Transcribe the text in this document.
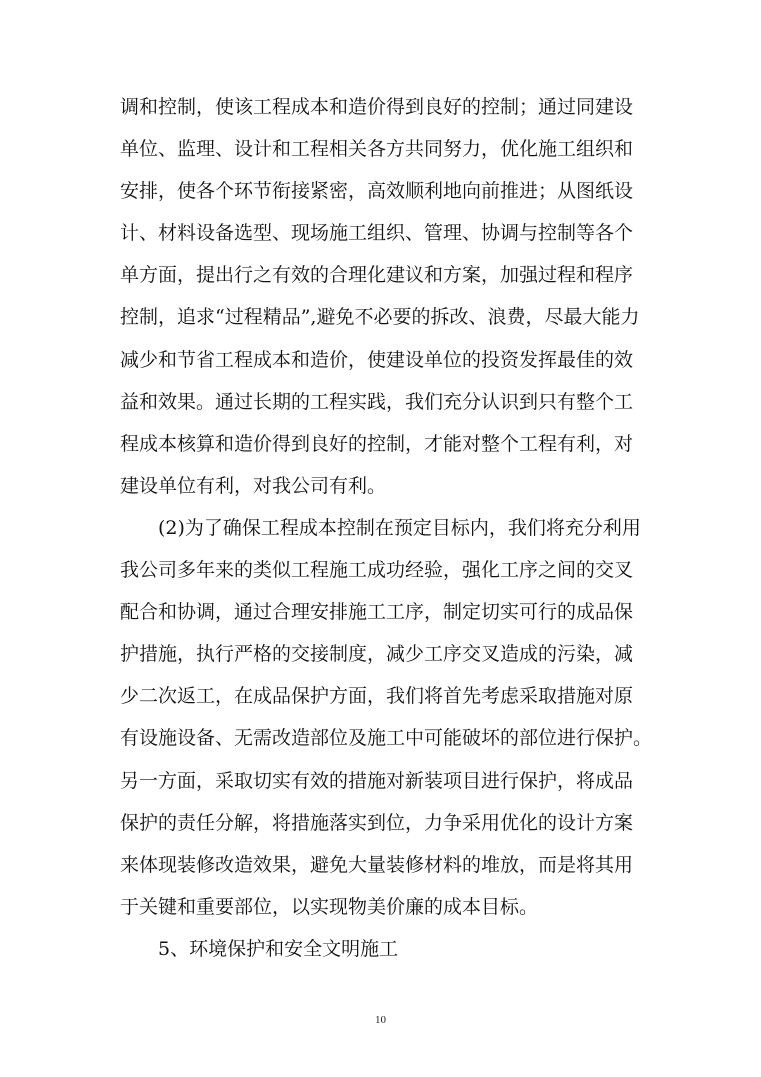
调和控制，使该工程成本和造价得到良好的控制；通过同建设
单位、监理、设计和工程相关各方共同努力，优化施工组织和
安排，使各个环节衔接紧密，高效顺利地向前推进；从图纸设
计、材料设备选型、现场施工组织、管理、协调与控制等各个
单方面，提出行之有效的合理化建议和方案，加强过程和程序
控制，追求“过程精品”,避免不必要的拆改、浪费，尽最大能力
减少和节省工程成本和造价，使建设单位的投资发挥最佳的效
益和效果。通过长期的工程实践，我们充分认识到只有整个工
程成本核算和造价得到良好的控制，才能对整个工程有利，对
建设单位有利，对我公司有利。
(2)为了确保工程成本控制在预定目标内，我们将充分利用
我公司多年来的类似工程施工成功经验，强化工序之间的交叉
配合和协调，通过合理安排施工工序，制定切实可行的成品保
护措施，执行严格的交接制度，减少工序交叉造成的污染，减
少二次返工，在成品保护方面，我们将首先考虑采取措施对原
有设施设备、无需改造部位及施工中可能破坏的部位进行保护。
另一方面，采取切实有效的措施对新装项目进行保护，将成品
保护的责任分解，将措施落实到位，力争采用优化的设计方案
来体现装修改造效果，避免大量装修材料的堆放，而是将其用
于关键和重要部位，以实现物美价廉的成本目标。
5、环境保护和安全文明施工
10
